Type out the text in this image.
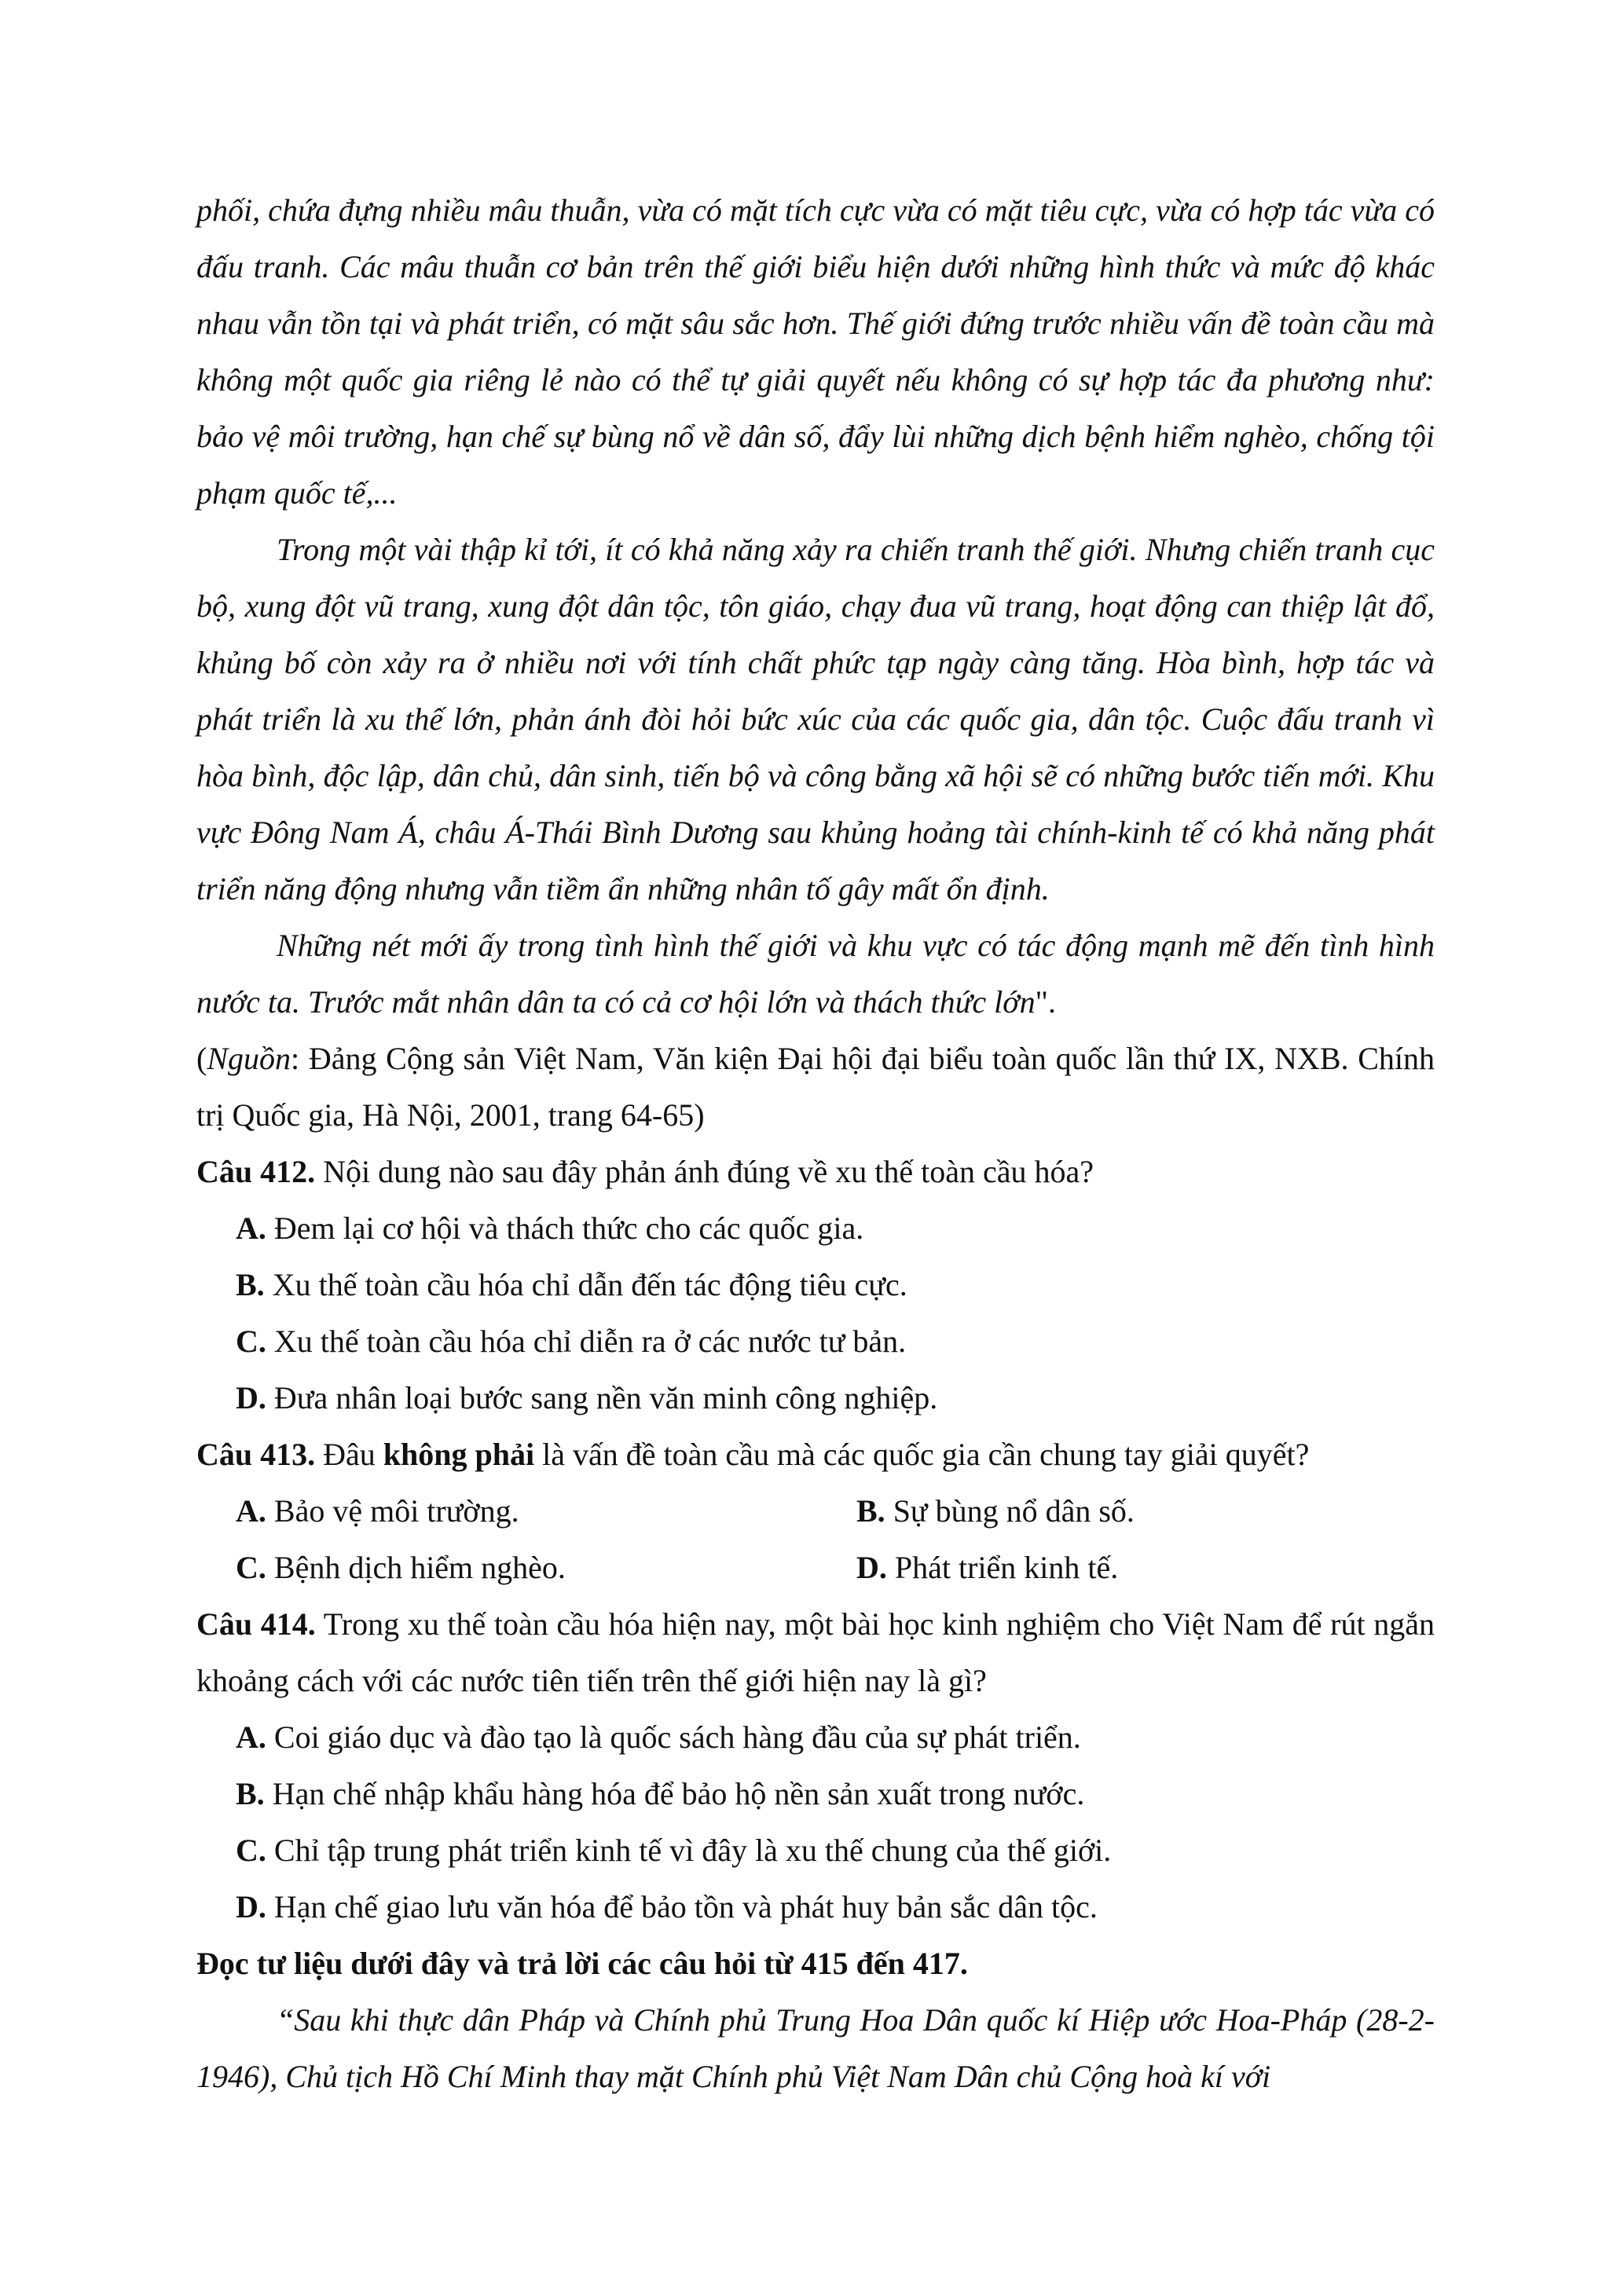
phối, chứa đựng nhiều mâu thuẫn, vừa có mặt tích cực vừa có mặt tiêu cực, vừa có hợp tác vừa có đấu tranh. Các mâu thuẫn cơ bản trên thế giới biểu hiện dưới những hình thức và mức độ khác nhau vẫn tồn tại và phát triển, có mặt sâu sắc hơn. Thế giới đứng trước nhiều vấn đề toàn cầu mà không một quốc gia riêng lẻ nào có thể tự giải quyết nếu không có sự hợp tác đa phương như: bảo vệ môi trường, hạn chế sự bùng nổ về dân số, đẩy lùi những dịch bệnh hiểm nghèo, chống tội phạm quốc tế,...

Trong một vài thập kỉ tới, ít có khả năng xảy ra chiến tranh thế giới. Nhưng chiến tranh cục bộ, xung đột vũ trang, xung đột dân tộc, tôn giáo, chạy đua vũ trang, hoạt động can thiệp lật đổ, khủng bố còn xảy ra ở nhiều nơi với tính chất phức tạp ngày càng tăng. Hòa bình, hợp tác và phát triển là xu thế lớn, phản ánh đòi hỏi bức xúc của các quốc gia, dân tộc. Cuộc đấu tranh vì hòa bình, độc lập, dân chủ, dân sinh, tiến bộ và công bằng xã hội sẽ có những bước tiến mới. Khu vực Đông Nam Á, châu Á-Thái Bình Dương sau khủng hoảng tài chính-kinh tế có khả năng phát triển năng động nhưng vẫn tiềm ẩn những nhân tố gây mất ổn định.

Những nét mới ấy trong tình hình thế giới và khu vực có tác động mạnh mẽ đến tình hình nước ta. Trước mắt nhân dân ta có cả cơ hội lớn và thách thức lớn".

(Nguồn: Đảng Cộng sản Việt Nam, Văn kiện Đại hội đại biểu toàn quốc lần thứ IX, NXB. Chính trị Quốc gia, Hà Nội, 2001, trang 64-65)

Câu 412. Nội dung nào sau đây phản ánh đúng về xu thế toàn cầu hóa?

A. Đem lại cơ hội và thách thức cho các quốc gia.

B. Xu thế toàn cầu hóa chỉ dẫn đến tác động tiêu cực.

C. Xu thế toàn cầu hóa chỉ diễn ra ở các nước tư bản.

D. Đưa nhân loại bước sang nền văn minh công nghiệp.

Câu 413. Đâu không phải là vấn đề toàn cầu mà các quốc gia cần chung tay giải quyết?

A. Bảo vệ môi trường.	B. Sự bùng nổ dân số.

C. Bệnh dịch hiểm nghèo.	D. Phát triển kinh tế.

Câu 414. Trong xu thế toàn cầu hóa hiện nay, một bài học kinh nghiệm cho Việt Nam để rút ngắn khoảng cách với các nước tiên tiến trên thế giới hiện nay là gì?

A. Coi giáo dục và đào tạo là quốc sách hàng đầu của sự phát triển.

B. Hạn chế nhập khẩu hàng hóa để bảo hộ nền sản xuất trong nước.

C. Chỉ tập trung phát triển kinh tế vì đây là xu thế chung của thế giới.

D. Hạn chế giao lưu văn hóa để bảo tồn và phát huy bản sắc dân tộc.

Đọc tư liệu dưới đây và trả lời các câu hỏi từ 415 đến 417.

“Sau khi thực dân Pháp và Chính phủ Trung Hoa Dân quốc kí Hiệp ước Hoa-Pháp (28-2-1946), Chủ tịch Hồ Chí Minh thay mặt Chính phủ Việt Nam Dân chủ Cộng hoà kí với
